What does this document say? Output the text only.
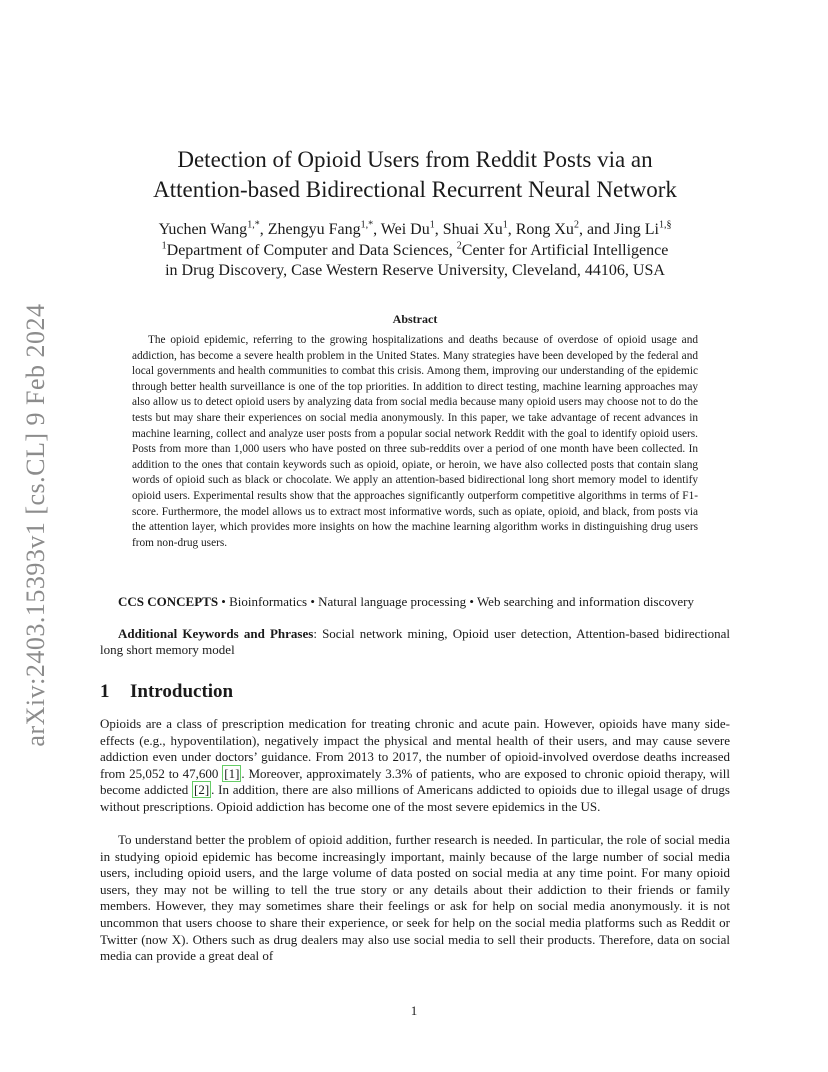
arXiv:2403.15393v1 [cs.CL] 9 Feb 2024
Detection of Opioid Users from Reddit Posts via an
Attention-based Bidirectional Recurrent Neural Network
Yuchen Wang$^{1,*}$, Zhengyu Fang$^{1,*}$, Wei Du$^1$, Shuai Xu$^1$, Rong Xu$^2$, and Jing $Li^{1,\S}$
$^1$Department of Computer and Data Sciences, $^2$Center for Artificial Intelligence
in Drug Discovery, Case Western Reserve University, Cleveland, 44106, USA
Abstract

The opioid epidemic, referring to the growing hospitalizations and deaths because of overdose of opioid usage and addiction, has become a severe health problem in the United States. Many strategies have been developed by the federal and local governments and health communities to combat this crisis. Among them, improving our understanding of the epidemic through better health surveillance is one of the top priorities. In addition to direct testing, machine learning approaches may also allow us to detect opioid users by analyzing data from social media because many opioid users may choose not to do the tests but may share their experiences on social media anonymously. In this paper, we take advantage of recent advances in machine learning, collect and analyze user posts from a popular social network Reddit with the goal to identify opioid users. Posts from more than 1,000 users who have posted on three sub-reddits over a period of one month have been collected. In addition to the ones that contain keywords such as opioid, opiate, or heroin, we have also collected posts that contain slang words of opioid such as black or chocolate. We apply an attention-based bidirectional long short memory model to identify opioid users. Experimental results show that the approaches significantly outperform competitive algorithms in terms of F1-score. Furthermore, the model allows us to extract most informative words, such as opiate, opioid, and black, from posts via the attention layer, which provides more insights on how the machine learning algorithm works in distinguishing drug users from non-drug users.

CCS CONCEPTS • Bioinformatics • Natural language processing • Web searching and information discovery

Additional Keywords and Phrases: Social network mining, Opioid user detection, Attention-based bidirectional long short memory model

1 Introduction

Opioids are a class of prescription medication for treating chronic and acute pain. However, opioids have many side-effects (e.g., hypoventilation), negatively impact the physical and mental health of their users, and may cause severe addiction even under doctors’ guidance. From 2013 to 2017, the number of opioid-involved overdose deaths increased from 25,052 to 47,600 [1] . Moreover, approximately 3.3% of patients, who are exposed to chronic opioid therapy, will become addicted [2] . In addition, there are also millions of Americans addicted to opioids due to illegal usage of drugs without prescriptions. Opioid addiction has become one of the most severe epidemics in the US.

To understand better the problem of opioid addition, further research is needed. In particular, the role of social media in studying opioid epidemic has become increasingly important, mainly because of the large number of social media users, including opioid users, and the large volume of data posted on social media at any time point. For many opioid users, they may not be willing to tell the true story or any details about their addiction to their friends or family members. However, they may sometimes share their feelings or ask for help on social media anonymously. it is not uncommon that users choose to share their experience, or seek for help on the social media platforms such as Reddit or Twitter (now X). Others such as drug dealers may also use social media to sell their products. Therefore, data on social media can provide a great deal of

1
